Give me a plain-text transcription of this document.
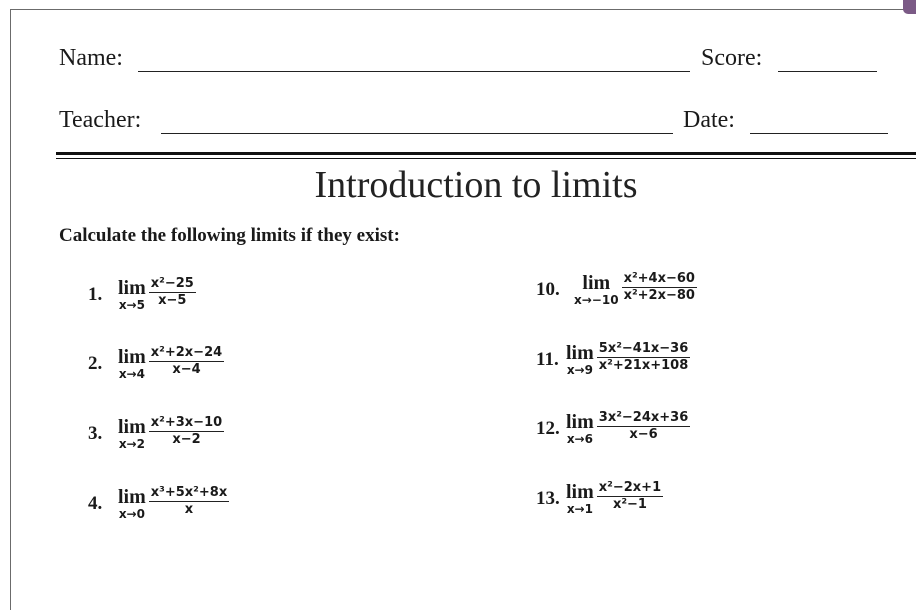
Name:	Score:
Teacher:	Date:
Introduction to limits
Calculate the following limits if they exist:
1. lim
$x\to 5 \frac{\text{x²−25}}{x-5}$
2. lim
$x\to 4 \frac{\text{x²+2x−24}}{x-4}$
3. lim
$x\to 2 \frac{\text{x²+3x−10}}{x-2}$
4. lim
$x\to 0 \frac{\text{x³+5x²+8x}}{x}$
10.	lim
$x\to-10 \frac{\text{x²+4x−60}}{\text{x²+2x−80}}$
11. lim
$x\to 9 \frac{\text{5x²−41x−36}}{\text{x²+21x+108}}$
12. lim
$x\to 6 \frac{\text{3x²−24x+36}}{x-6}$
13. lim
$x\to 1 \frac{\text{x²−2x+1}}{\text{x²−1}}$
